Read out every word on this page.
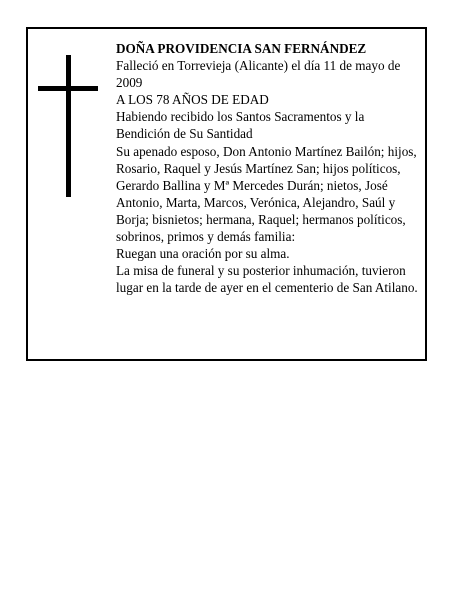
DOÑA PROVIDENCIA SAN FERNÁNDEZ

Falleció en Torrevieja (Alicante) el día 11 de mayo de 2009

A LOS 78 AÑOS DE EDAD

Habiendo recibido los Santos Sacramentos y la Bendición de Su Santidad

Su apenado esposo, Don Antonio Martínez Bailón; hijos, Rosario, Raquel y Jesús Martínez San; hijos políticos, Gerardo Ballina y Mª Mercedes Durán; nietos, José Antonio, Marta, Marcos, Verónica, Alejandro, Saúl y Borja; bisnietos; hermana, Raquel; hermanos políticos, sobrinos, primos y demás familia:

Ruegan una oración por su alma.

La misa de funeral y su posterior inhumación, tuvieron lugar en la tarde de ayer en el cementerio de San Atilano.
